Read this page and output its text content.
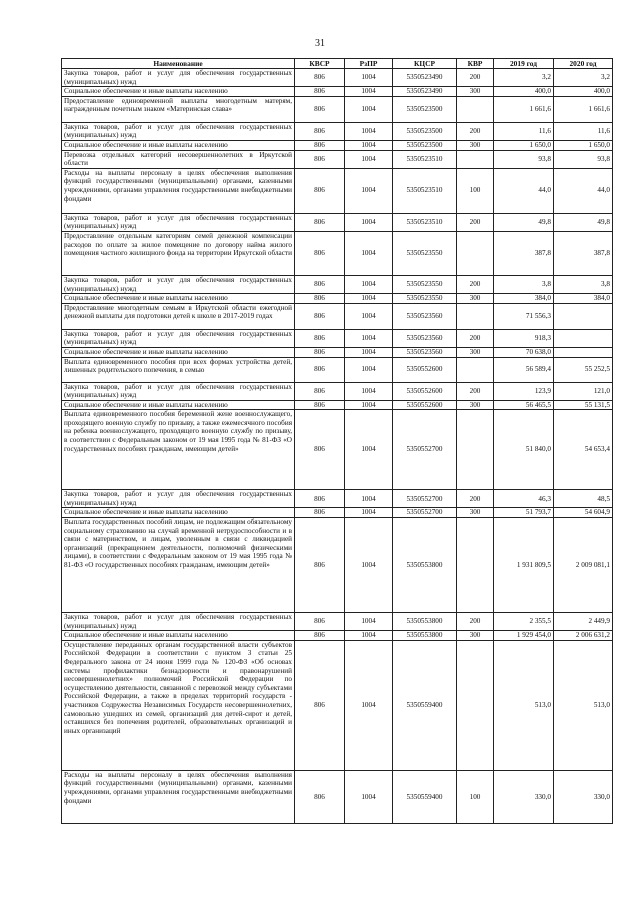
31
Наименование	КВСР	РзПР	КЦСР	КВР	2019 год	2020 год
Закупка товаров, работ и услуг для обеспечения государственных (муниципальных) нужд	806	1004	5350523490	200	3,2	3,2
Социальное обеспечение и иные выплаты населению	806	1004	5350523490	300	400,0	400,0
Предоставление единовременной выплаты многодетным матерям, награжденным почетным знаком «Материнская слава»	806	1004	5350523500		1 661,6	1 661,6
Закупка товаров, работ и услуг для обеспечения государственных (муниципальных) нужд	806	1004	5350523500	200	11,6	11,6
Социальное обеспечение и иные выплаты населению	806	1004	5350523500	300	1 650,0	1 650,0
Перевозка отдельных категорий несовершеннолетних в Иркутской области	806	1004	5350523510		93,8	93,8
Расходы на выплаты персоналу в целях обеспечения выполнения функций государственными (муниципальными) органами, казенными учреждениями, органами управления государственными внебюджетными фондами	806	1004	5350523510	100	44,0	44,0
Закупка товаров, работ и услуг для обеспечения государственных (муниципальных) нужд	806	1004	5350523510	200	49,8	49,8
Предоставление отдельным категориям семей денежной компенсации расходов по оплате за жилое помещение по договору найма жилого помещения частного жилищного фонда на территории Иркутской области	806	1004	5350523550		387,8	387,8
Закупка товаров, работ и услуг для обеспечения государственных (муниципальных) нужд	806	1004	5350523550	200	3,8	3,8
Социальное обеспечение и иные выплаты населению	806	1004	5350523550	300	384,0	384,0
Предоставление многодетным семьям в Иркутской области ежегодной денежной выплаты для подготовки детей к школе в 2017-2019 годах	806	1004	5350523560		71 556,3	
Закупка товаров, работ и услуг для обеспечения государственных (муниципальных) нужд	806	1004	5350523560	200	918,3	
Социальное обеспечение и иные выплаты населению	806	1004	5350523560	300	70 638,0	
Выплата единовременного пособия при всех формах устройства детей, лишенных родительского попечения, в семью	806	1004	5350552600		56 589,4	55 252,5
Закупка товаров, работ и услуг для обеспечения государственных (муниципальных) нужд	806	1004	5350552600	200	123,9	121,0
Социальное обеспечение и иные выплаты населению	806	1004	5350552600	300	56 465,5	55 131,5
Выплата единовременного пособия беременной жене военнослужащего, проходящего военную службу по призыву, а также ежемесячного пособия на ребенка военнослужащего, проходящего военную службу по призыву, в соответствии с Федеральным законом от 19 мая 1995 года № 81-ФЗ «О государственных пособиях гражданам, имеющим детей»	806	1004	5350552700		51 840,0	54 653,4
Закупка товаров, работ и услуг для обеспечения государственных (муниципальных) нужд	806	1004	5350552700	200	46,3	48,5
Социальное обеспечение и иные выплаты населению	806	1004	5350552700	300	51 793,7	54 604,9
Выплата государственных пособий лицам, не подлежащим обязательному социальному страхованию на случай временной нетрудоспособности и в связи с материнством, и лицам, уволенным в связи с ликвидацией организаций (прекращением деятельности, полномочий физическими лицами), в соответствии с Федеральным законом от 19 мая 1995 года № 81-ФЗ «О государственных пособиях гражданам, имеющим детей»	806	1004	5350553800		1 931 809,5	2 009 081,1
Закупка товаров, работ и услуг для обеспечения государственных (муниципальных) нужд	806	1004	5350553800	200	2 355,5	2 449,9
Социальное обеспечение и иные выплаты населению	806	1004	5350553800	300	1 929 454,0	2 006 631,2
Осуществление переданных органам государственной власти субъектов Российской Федерации в соответствии с пунктом 3 статьи 25 Федерального закона от 24 июня 1999 года № 120-ФЗ «Об основах системы профилактики безнадзорности и правонарушений несовершеннолетних» полномочий Российской Федерации по осуществлению деятельности, связанной с перевозкой между субъектами Российской Федерации, а также в пределах территорий государств - участников Содружества Независимых Государств несовершеннолетних, самовольно ушедших из семей, организаций для детей-сирот и детей, оставшихся без попечения родителей, образовательных организаций и иных организаций	806	1004	5350559400		513,0	513,0
Расходы на выплаты персоналу в целях обеспечения выполнения функций государственными (муниципальными) органами, казенными учреждениями, органами управления государственными внебюджетными фондами	806	1004	5350559400	100	330,0	330,0
